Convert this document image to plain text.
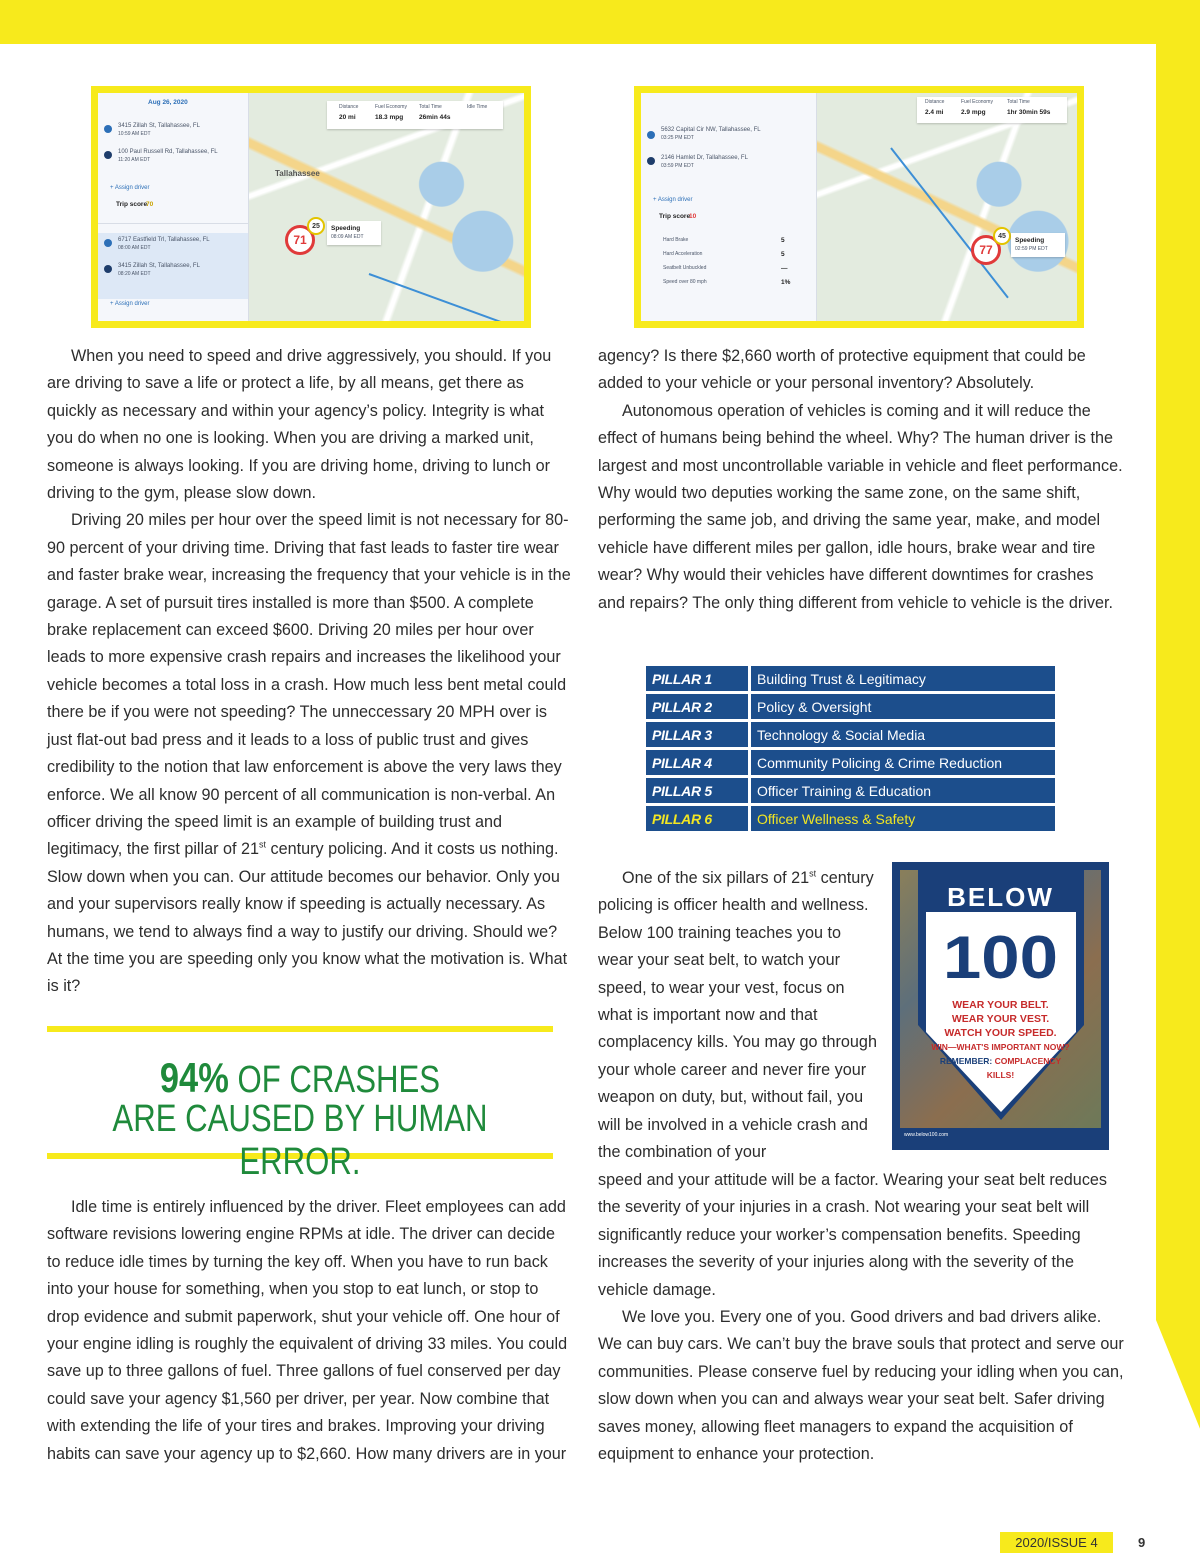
Aug 26, 2020
3415 Zillah St, Tallahassee, FL
10:59 AM EDT
100 Paul Russell Rd, Tallahassee, FL
11:20 AM EDT
+ Assign driver
Trip score
70
6717 Eastfield Trl, Tallahassee, FL
08:00 AM EDT
3415 Zillah St, Tallahassee, FL
08:20 AM EDT
+ Assign driver
Distance
20 mi
Fuel Economy
18.3 mpg
Total Time
26min 44s
Idle Time
Tallahassee
71
25	Speeding
08:09 AM EDT
5632 Capital Cir NW, Tallahassee, FL
03:25 PM EDT
2146 Hamlet Dr, Tallahassee, FL
03:59 PM EDT
+ Assign driver
Trip score
10
Hard Brake	5
Hard Acceleration	5
Seatbelt Unbuckled	—
Speed over 80 mph	1%
Distance
2.4 mi
Fuel Economy
2.9 mpg
Total Time
1hr 30min 59s
77
45
Speeding
02:59 PM EDT

When you need to speed and drive aggressively, you should. If you are driving to save a life or protect a life, by all means, get there as quickly as necessary and within your agency’s policy. Integrity is what you do when no one is looking. When you are driving a marked unit, someone is always looking. If you are driving home, driving to lunch or driving to the gym, please slow down.

Driving 20 miles per hour over the speed limit is not necessary for 80-90 percent of your driving time. Driving that fast leads to faster tire wear and faster brake wear, increasing the frequency that your vehicle is in the garage. A set of pursuit tires installed is more than $500. A complete brake replacement can exceed $600. Driving 20 miles per hour over leads to more expensive crash repairs and increases the likelihood your vehicle becomes a total loss in a crash. How much less bent metal could there be if you were not speeding? The unneccessary 20 MPH over is just flat-out bad press and it leads to a loss of public trust and gives credibility to the notion that law enforcement is above the very laws they enforce. We all know 90 percent of all communication is non-verbal. An officer driving the speed limit is an example of building trust and legitimacy, the first pillar of 21st century policing. And it costs us nothing. Slow down when you can. Our attitude becomes our behavior. Only you and your supervisors really know if speeding is actually necessary. As humans, we tend to always find a way to justify our driving. Should we? At the time you are speeding only you know what the motivation is. What is it?

94% OF CRASHES
ARE CAUSED BY HUMAN ERROR.

Idle time is entirely influenced by the driver. Fleet employees can add software revisions lowering engine RPMs at idle. The driver can decide to reduce idle times by turning the key off. When you have to run back into your house for something, when you stop to eat lunch, or stop to drop evidence and submit paperwork, shut your vehicle off. One hour of your engine idling is roughly the equivalent of driving 33 miles. You could save up to three gallons of fuel. Three gallons of fuel conserved per day could save your agency $1,560 per driver, per year. Now combine that with extending the life of your tires and brakes. Improving your driving habits can save your agency up to $2,660. How many drivers are in your

agency? Is there $2,660 worth of protective equipment that could be added to your vehicle or your personal inventory? Absolutely.

Autonomous operation of vehicles is coming and it will reduce the effect of humans being behind the wheel. Why? The human driver is the largest and most uncontrollable variable in vehicle and fleet performance. Why would two deputies working the same zone, on the same shift, performing the same job, and driving the same year, make, and model vehicle have different miles per gallon, idle hours, brake wear and tire wear? Why would their vehicles have different downtimes for crashes and repairs? The only thing different from vehicle to vehicle is the driver.

PILLAR 1	Building Trust & Legitimacy
PILLAR 2	Policy & Oversight
PILLAR 3	Technology & Social Media
PILLAR 4	Community Policing & Crime Reduction
PILLAR 5	Officer Training & Education
PILLAR 6	Officer Wellness & Safety

One of the six pillars of 21st century policing is officer health and wellness. Below 100 training teaches you to wear your seat belt, to watch your speed, to wear your vest, focus on what is important now and that complacency kills. You may go through your whole career and never fire your weapon on duty, but, without fail, you will be involved in a vehicle crash and the combination of your

BELOW
100
WEAR YOUR BELT.
WEAR YOUR VEST.
WATCH YOUR SPEED.
WIN—WHAT'S IMPORTANT NOW?
REMEMBER: COMPLACENCY
KILLS!
www.below100.com

speed and your attitude will be a factor. Wearing your seat belt reduces the severity of your injuries in a crash. Not wearing your seat belt will significantly reduce your worker’s compensation benefits. Speeding increases the severity of your injuries along with the severity of the vehicle damage.

We love you. Every one of you. Good drivers and bad drivers alike. We can buy cars. We can’t buy the brave souls that protect and serve our communities. Please conserve fuel by reducing your idling when you can, slow down when you can and always wear your seat belt. Safer driving saves money, allowing fleet managers to expand the acquisition of equipment to enhance your protection.

2020/ISSUE 4	9
